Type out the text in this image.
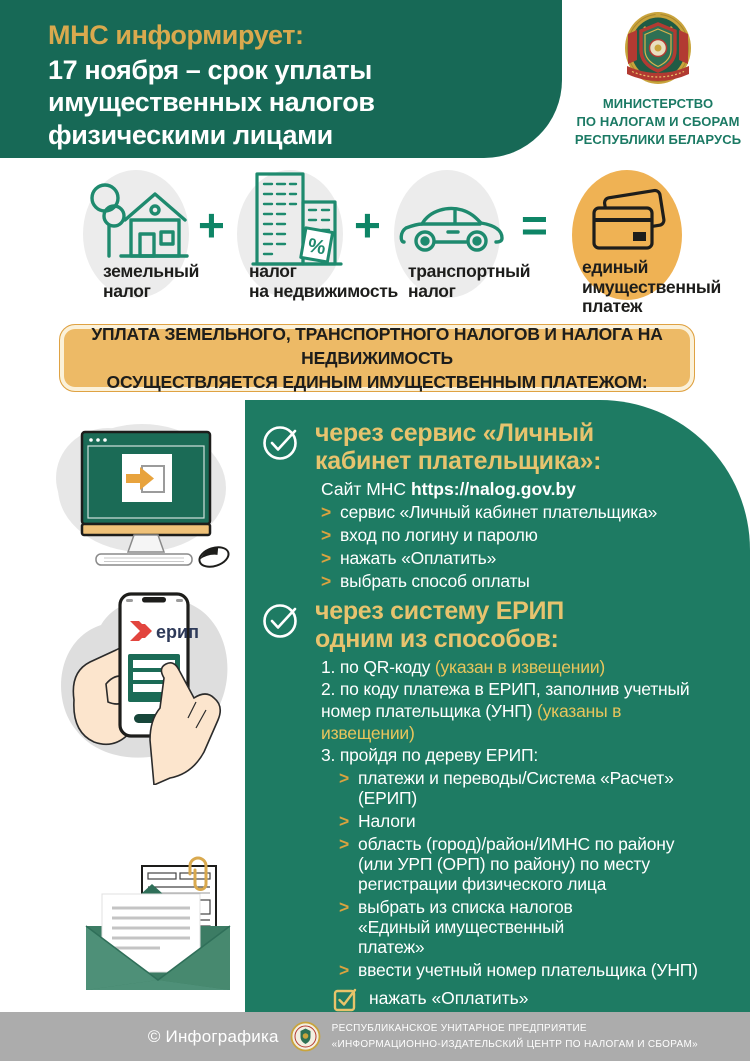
МНС информирует:

17 ноября – срок уплаты имущественных налогов физическими лицами

МИНИСТЕРСТВО
ПО НАЛОГАМ И СБОРАМ
РЕСПУБЛИКИ БЕЛАРУСЬ
земельный
налог
+	%
налог
на недвижимость
+
транспортный
налог
=
единый
имущественный
платеж

УПЛАТА ЗЕМЕЛЬНОГО, ТРАНСПОРТНОГО НАЛОГОВ И НАЛОГА НА НЕДВИЖИМОСТЬ

ОСУЩЕСТВЛЯЕТСЯ ЕДИНЫМ ИМУЩЕСТВЕННЫМ ПЛАТЕЖОМ:

ерип
через сервис «Личный
кабинет плательщика»:

Сайт МНС https://nalog.gov.by

> сервис «Личный кабинет плательщика»
> вход по логину и паролю
> нажать «Оплатить»
> выбрать способ оплаты
через систему ЕРИП
одним из способов:

1. по QR-коду (указан в извещении)

2. по коду платежа в ЕРИП, заполнив учетный номер плательщика (УНП) (указаны в извещении)

3. пройдя по дереву ЕРИП:

> платежи и переводы/Система «Расчет» (ЕРИП)
> Налоги
> область (город)/район/ИМНС по району (или УРП (ОРП) по району) по месту регистрации физического лица
> выбрать из списка налогов «Единый имущественный платеж»
> ввести учетный номер плательщика (УНП)
нажать «Оплатить»
© Инфографика	РЕСПУБЛИКАНСКОЕ УНИТАРНОЕ ПРЕДПРИЯТИЕ
«ИНФОРМАЦИОННО-ИЗДАТЕЛЬСКИЙ ЦЕНТР ПО НАЛОГАМ И СБОРАМ»
